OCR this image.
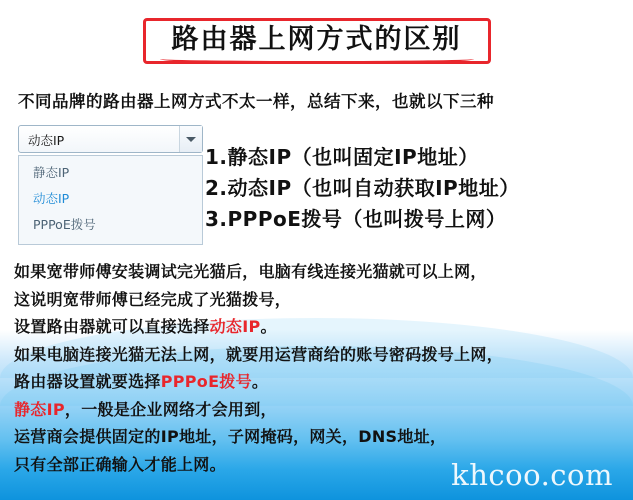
路由器上网方式的区别
不同品牌的路由器上网方式不太一样，总结下来，也就以下三种
动态IP
静态IP
动态IP
PPPoE拨号
1.静态IP（也叫固定IP地址）
2.动态IP（也叫自动获取IP地址）
3.PPPoE拨号（也叫拨号上网）
如果宽带师傅安装调试完光猫后，电脑有线连接光猫就可以上网，
这说明宽带师傅已经完成了光猫拨号，
设置路由器就可以直接选择动态IP。
如果电脑连接光猫无法上网，就要用运营商给的账号密码拨号上网，
路由器设置就要选择PPPoE拨号。
静态IP，一般是企业网络才会用到，
运营商会提供固定的IP地址，子网掩码，网关，DNS地址，
只有全部正确输入才能上网。	khcoo.com
